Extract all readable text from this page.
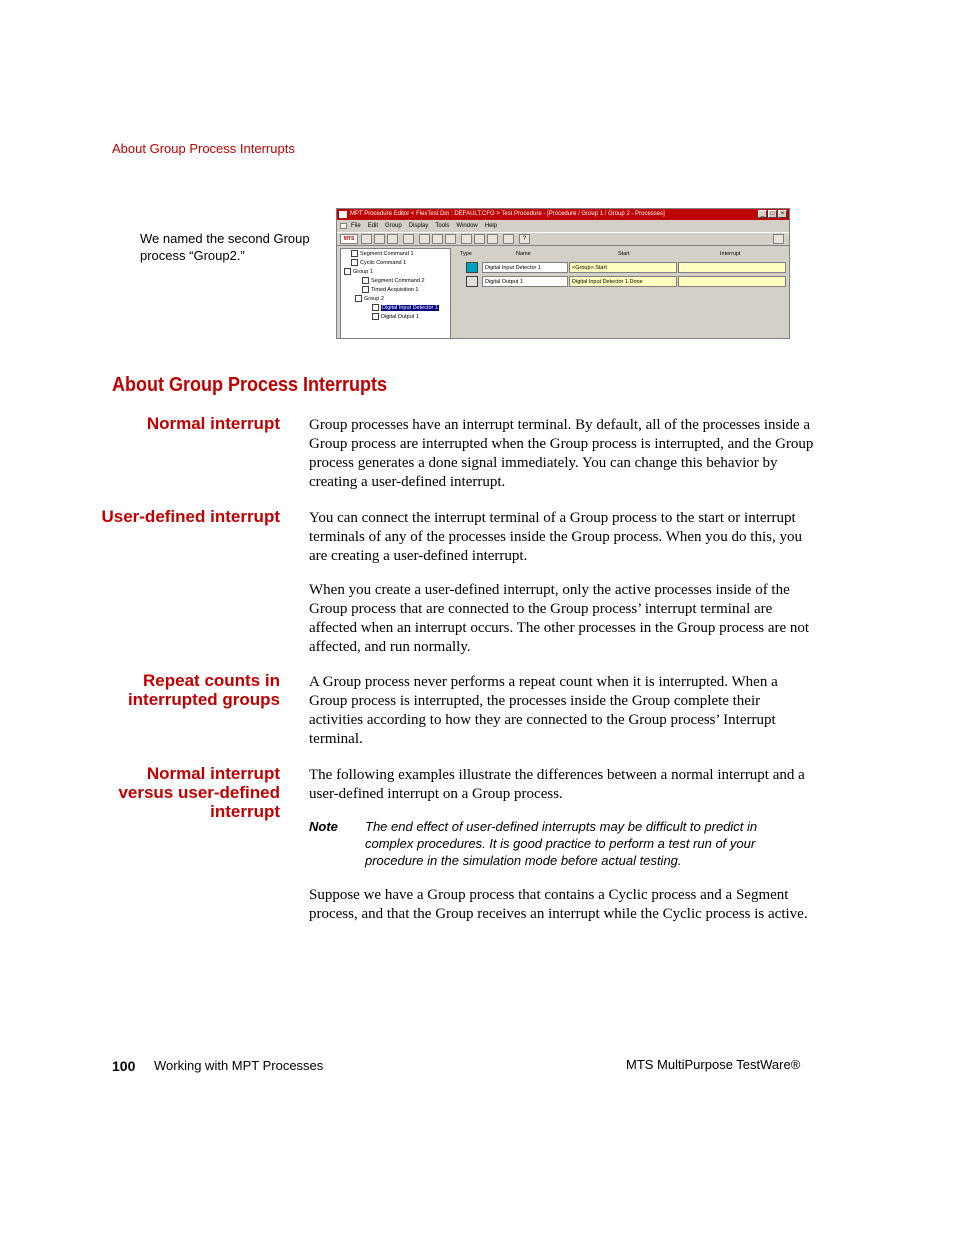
About Group Process Interrupts
We named the second Group process “Group2.”
MPT Procedure Editor < FlexTest Dm : DEFAULT.CFG > Test Procedure - [Procedure / Group 1 / Group 2 - Processes]	_	□	×
File	Edit	Group	Display	Tools	Window	Help
MTS	?
Segment Command 1
Cyclic Command 1
Group 1
Segment Command 2
Timed Acquisition 1
Group 2
Digital Input Detector 1
Digital Output 1
Type	Name	Start	Interrupt
Digital Input Detector 1	<Group>.Start
Digital Output 1	Digital Input Detector 1.Done
About Group Process Interrupts
Normal interrupt Group processes have an interrupt terminal. By default, all of the processes inside a Group process are interrupted when the Group process is interrupted, and the Group process generates a done signal immediately. You can change this behavior by creating a user-defined interrupt.

User-defined interrupt You can connect the interrupt terminal of a Group process to the start or interrupt terminals of any of the processes inside the Group process. When you do this, you are creating a user-defined interrupt.

When you create a user-defined interrupt, only the active processes inside of the Group process that are connected to the Group process’ interrupt terminal are affected when an interrupt occurs. The other processes in the Group process are not affected, and run normally.

Repeat counts in
interrupted groups

A Group process never performs a repeat count when it is interrupted. When a Group process is interrupted, the processes inside the Group complete their activities according to how they are connected to the Group process’ Interrupt terminal.

Normal interrupt
versus user-defined
interrupt

The following examples illustrate the differences between a normal interrupt and a user-defined interrupt on a Group process.

Note The end effect of user-defined interrupts may be difficult to predict in complex procedures. It is good practice to perform a test run of your procedure in the simulation mode before actual testing.

Suppose we have a Group process that contains a Cyclic process and a Segment process, and that the Group receives an interrupt while the Cyclic process is active.

100 Working with MPT Processes	MTS MultiPurpose TestWare®
